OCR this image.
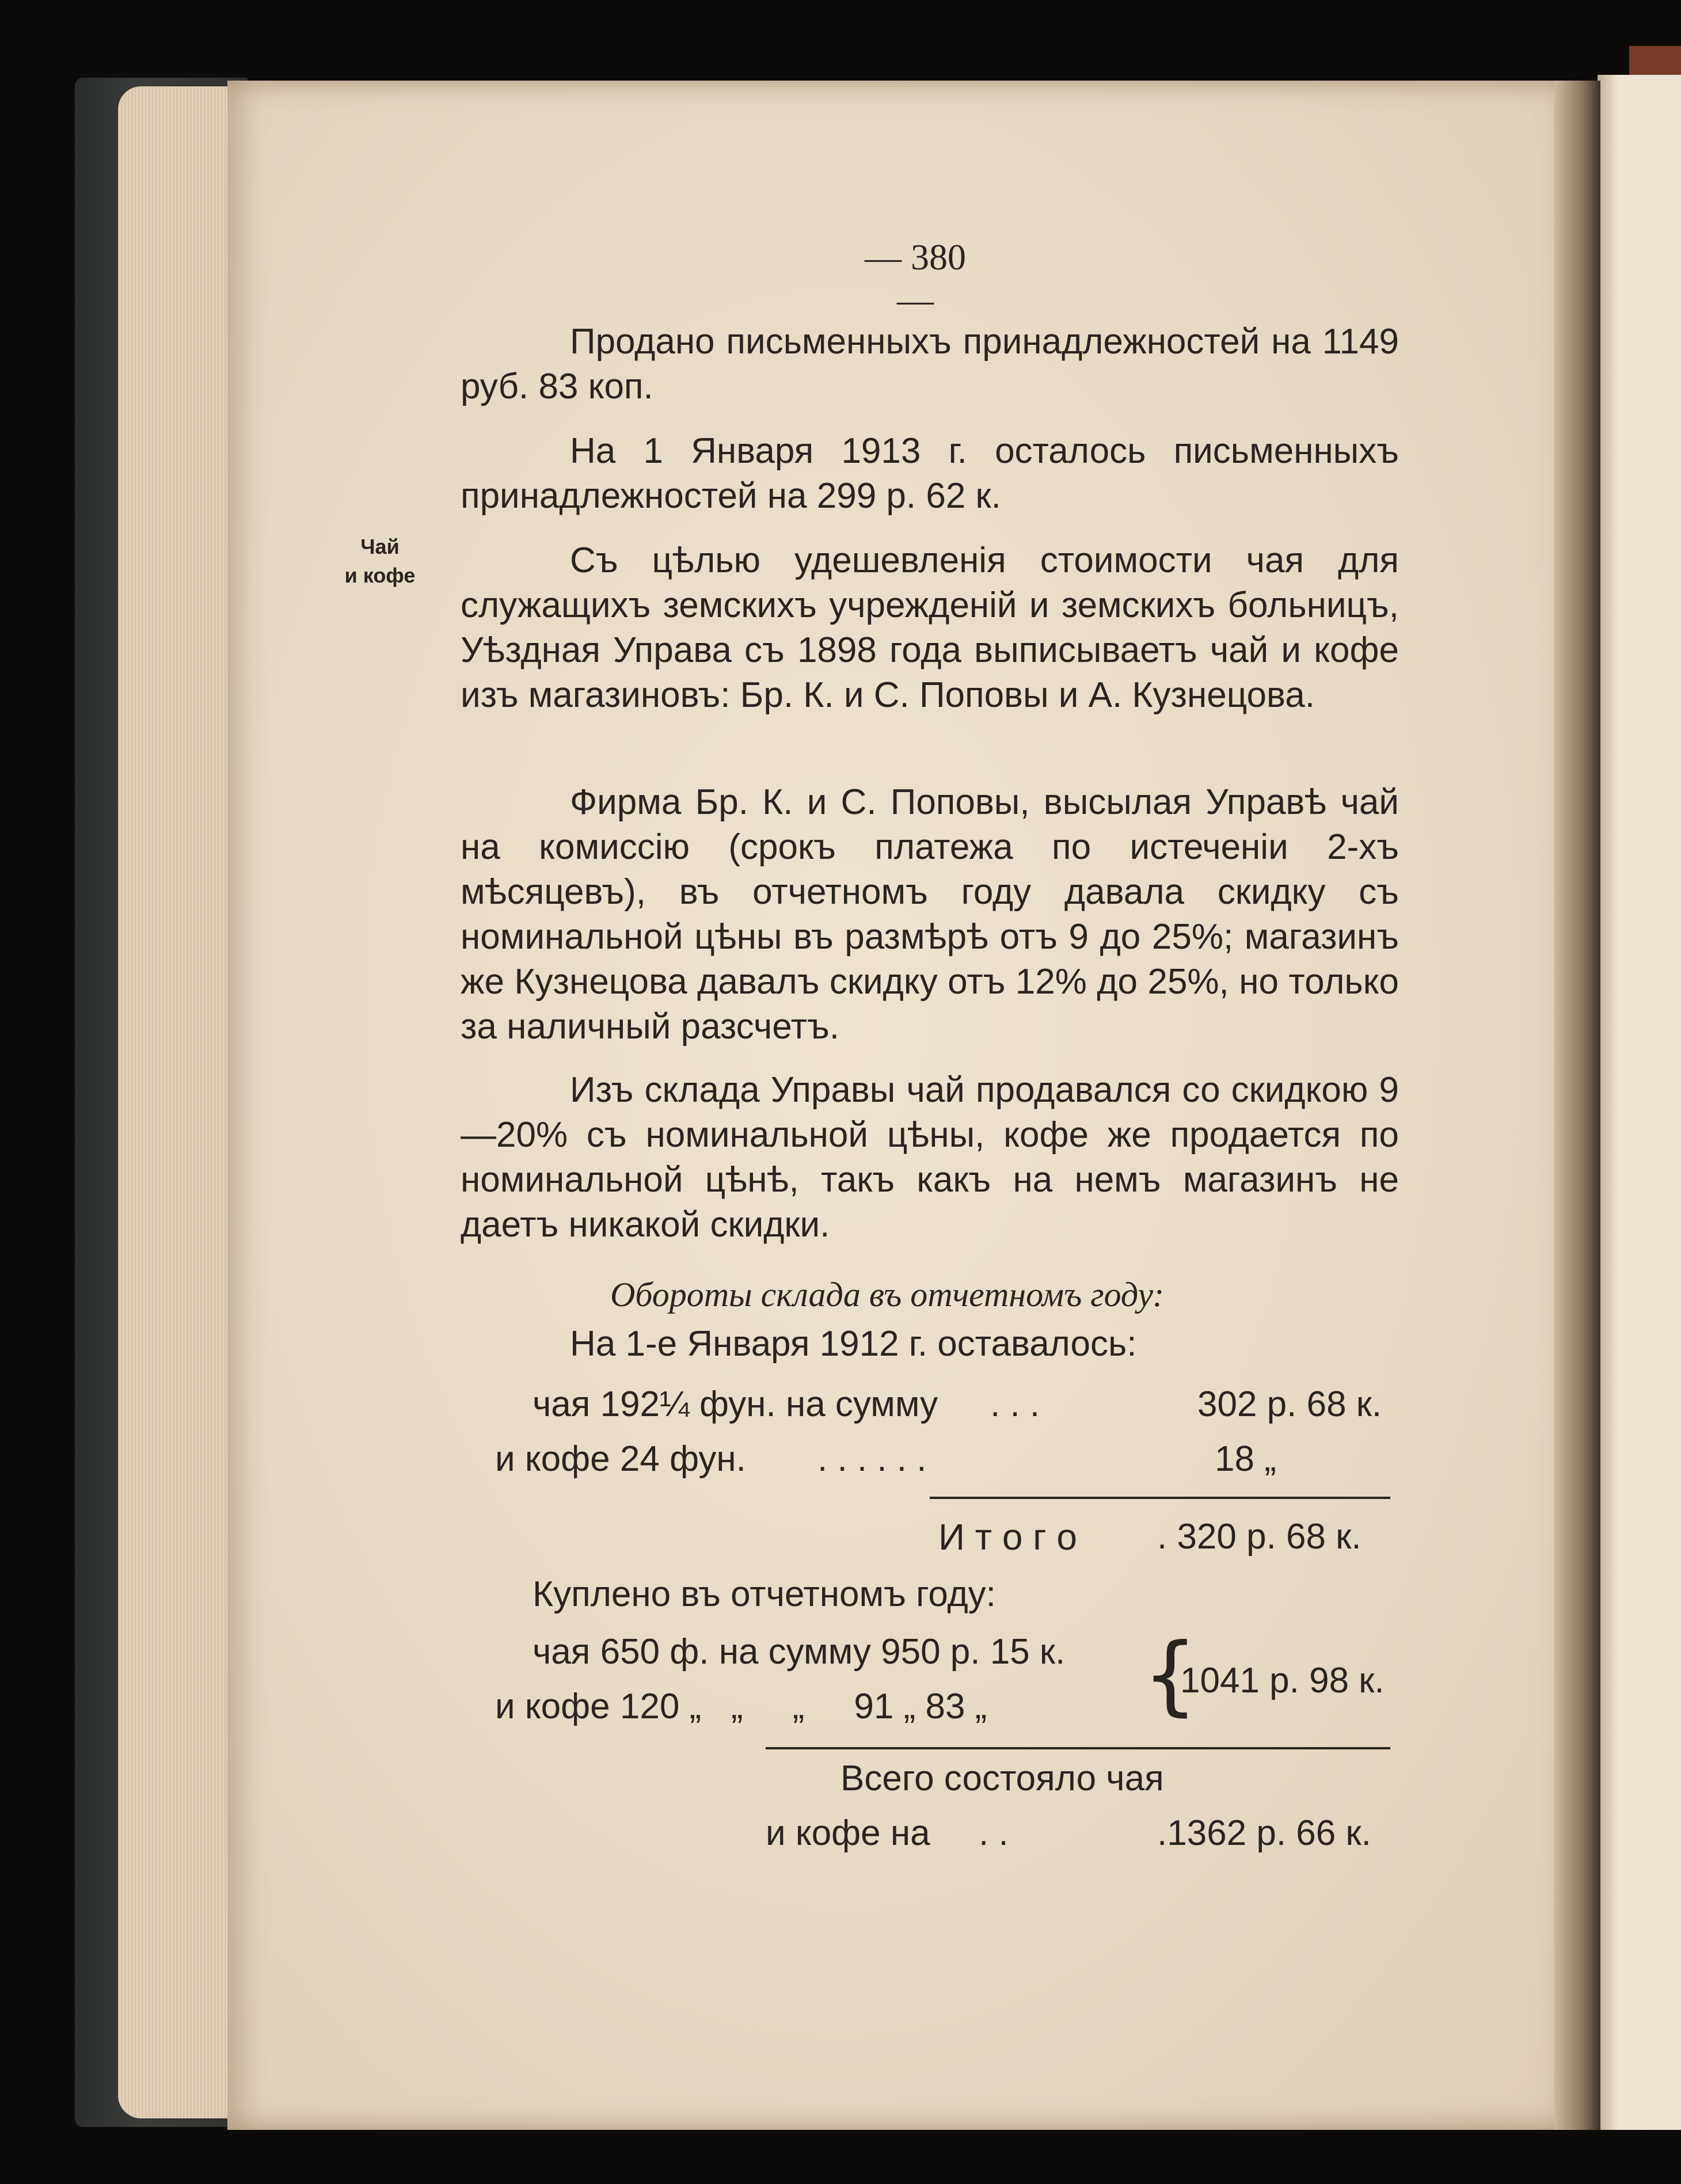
— 380 —
Чай
и кофе

Продано письменныхъ принадлежностей на 1149 руб. 83 коп.

На 1 Января 1913 г. осталось письменныхъ принадлежностей на 299 р. 62 к.

Съ цѣлью удешевленія стоимости чая для служащихъ земскихъ учрежденій и земскихъ больницъ, Уѣздная Управа съ 1898 года выписываетъ чай и кофе изъ магазиновъ: Бр. К. и С. Поповы и А. Кузнецова.

Фирма Бр. К. и С. Поповы, высылая Управѣ чай на комиссію (срокъ платежа по истеченіи 2-хъ мѣсяцевъ), въ отчетномъ году давала скидку съ номинальной цѣны въ размѣрѣ отъ 9 до 25%; магазинъ же Кузнецова давалъ скидку отъ 12% до 25%, но только за наличный разсчетъ.

Изъ склада Управы чай продавался со скидкою 9—20% съ номинальной цѣны, кофе же продается по номинальной цѣнѣ, такъ какъ на немъ магазинъ не даетъ никакой скидки.

Обороты склада въ отчетномъ году:
На 1-е Января 1912 г. оставалось:
чая 192¼ фун. на сумму . . .	302 р. 68 к.
и кофе 24 фун. . . . . . .	18 „
И т о г о . 320 р. 68 к.
Куплено въ отчетномъ году:
чая 650 ф. на сумму 950 р. 15 к.
и кофе 120 „   „     „     91 „ 83 „ {
1041 р. 98 к.
Всего состояло чая
и кофе на . .	.1362 р. 66 к.
